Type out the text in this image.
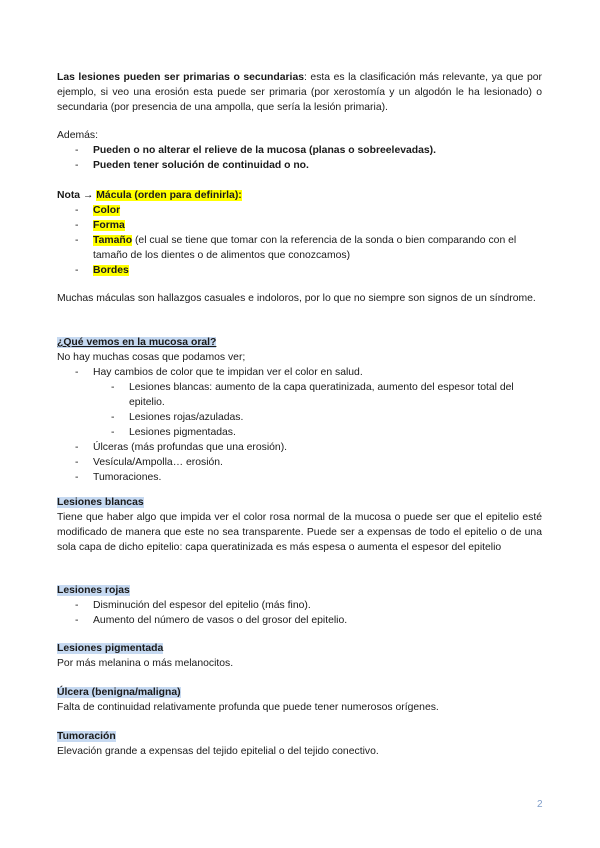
Las lesiones pueden ser primarias o secundarias: esta es la clasificación más relevante, ya que por ejemplo, si veo una erosión esta puede ser primaria (por xerostomía y un algodón le ha lesionado) o secundaria (por presencia de una ampolla, que sería la lesión primaria).

Además:

- Pueden o no alterar el relieve de la mucosa (planas o sobreelevadas).

- Pueden tener solución de continuidad o no.

Nota → Mácula (orden para definirla):

- Color

- Forma

- Tamaño (el cual se tiene que tomar con la referencia de la sonda o bien comparando con el tamaño de los dientes o de alimentos que conozcamos)

- Bordes

Muchas máculas son hallazgos casuales e indoloros, por lo que no siempre son signos de un síndrome.

¿Qué vemos en la mucosa oral?

No hay muchas cosas que podamos ver;

- Hay cambios de color que te impidan ver el color en salud.

- Lesiones blancas: aumento de la capa queratinizada, aumento del espesor total del epitelio.

- Lesiones rojas/azuladas.

- Lesiones pigmentadas.

- Úlceras (más profundas que una erosión).

- Vesícula/Ampolla… erosión.

- Tumoraciones.

Lesiones blancas

Tiene que haber algo que impida ver el color rosa normal de la mucosa o puede ser que el epitelio esté modificado de manera que este no sea transparente. Puede ser a expensas de todo el epitelio o de una sola capa de dicho epitelio: capa queratinizada es más espesa o aumenta el espesor del epitelio

Lesiones rojas

- Disminución del espesor del epitelio (más fino).

- Aumento del número de vasos o del grosor del epitelio.

Lesiones pigmentada

Por más melanina o más melanocitos.

Úlcera (benigna/maligna)

Falta de continuidad relativamente profunda que puede tener numerosos orígenes.

Tumoración

Elevación grande a expensas del tejido epitelial o del tejido conectivo.

2
